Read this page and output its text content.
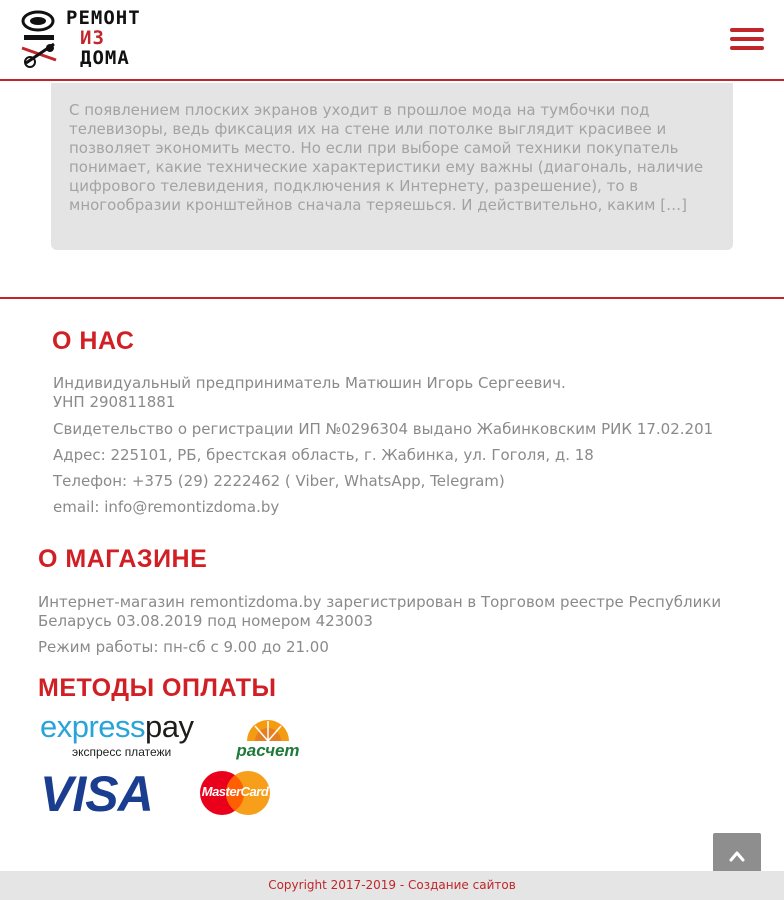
РЕМОНТ
ИЗ
ДОМА

С появлением плоских экранов уходит в прошлое мода на тумбочки под телевизоры, ведь фиксация их на стене или потолке выглядит красивее и позволяет экономить место. Но если при выборе самой техники покупатель понимает, какие технические характеристики ему важны (диагональ, наличие цифрового телевидения, подключения к Интернету, разрешение), то в многообразии кронштейнов сначала теряешься. И действительно, каким […]

О НАС
Индивидуальный предприниматель Матюшин Игорь Сергеевич.
УНП 290811881
Свидетельство о регистрации ИП №0296304 выдано Жабинковским РИК 17.02.201
Адрес: 225101, РБ, брестская область, г. Жабинка, ул. Гоголя, д. 18
Телефон: +375 (29) 2222462 ( Viber, WhatsApp, Telegram)
email: info@remontizdoma.by
О МАГАЗИНЕ
Интернет-магазин remontizdoma.by зарегистрирован в Торговом реестре Республики
Беларусь 03.08.2019 под номером 423003
Режим работы: пн-сб с 9.00 до 21.00
МЕТОДЫ ОПЛАТЫ
expresspay
экспресс платежи	расчет
VISA	MasterCard
Copyright 2017-2019 - Создание сайтов
